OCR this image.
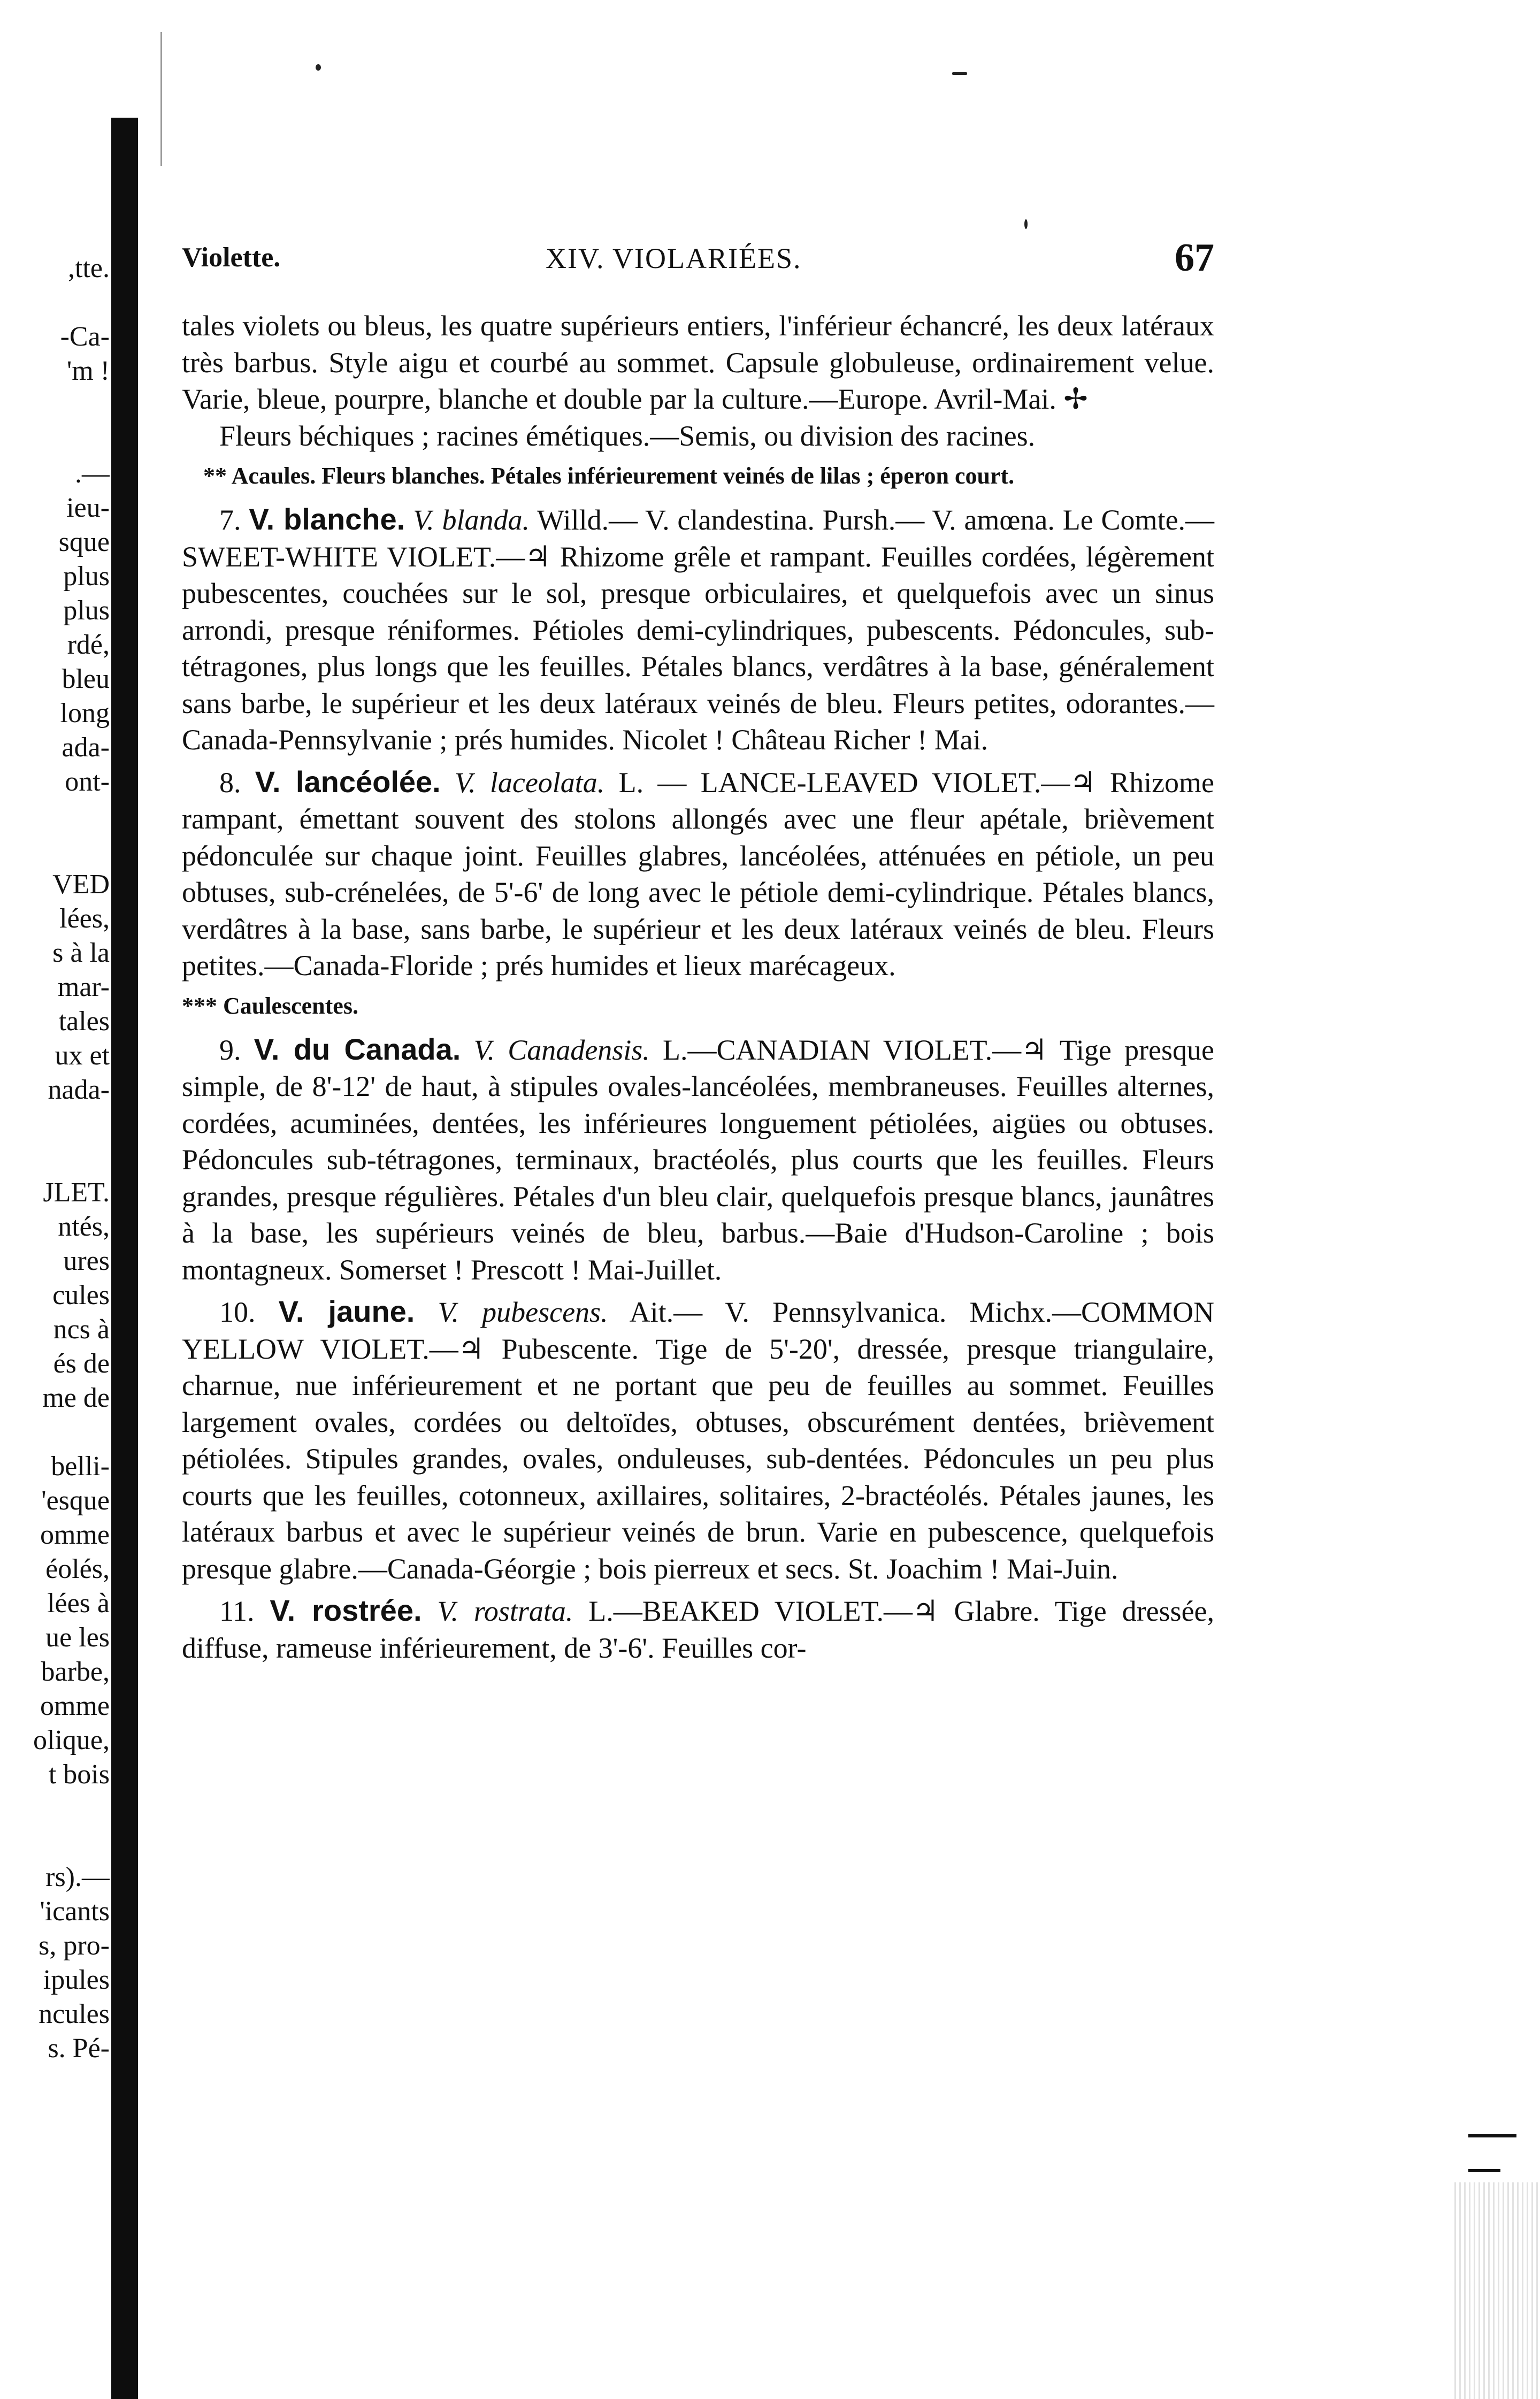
,tte.
-Ca-
'm !
.—
ieu-
sque
plus
plus
rdé,
bleu
long
ada-
ont-
VED
lées,
s à la
mar-
tales
ux et
nada-
JLET.
ntés,
ures
cules
ncs à
és de
me de
belli-
'esque
omme
éolés,
lées à
ue les
barbe,
omme
olique,
t bois
rs).—
'icants
s, pro-
ipules
ncules
s. Pé-
Violette.	XIV. VIOLARIÉES.	67

tales violets ou bleus, les quatre supérieurs entiers, l'inférieur échancré, les deux latéraux très barbus. Style aigu et courbé au sommet. Capsule globuleuse, ordinairement velue. Varie, bleue, pourpre, blanche et double par la culture.—Europe. Avril-Mai. ✢

Fleurs béchiques ; racines émétiques.—Semis, ou division des racines.

** Acaules. Fleurs blanches. Pétales inférieurement veinés de lilas ; éperon court.

7. V. blanche. V. blanda. Willd.— V. clandestina. Pursh.— V. amœna. Le Comte.—SWEET-WHITE VIOLET.—♃ Rhizome grêle et rampant. Feuilles cordées, légèrement pubescentes, couchées sur le sol, presque orbiculaires, et quelquefois avec un sinus arrondi, presque réniformes. Pétioles demi-cylindriques, pubescents. Pédoncules, sub-tétragones, plus longs que les feuilles. Pétales blancs, verdâtres à la base, généralement sans barbe, le supérieur et les deux latéraux veinés de bleu. Fleurs petites, odorantes.—Canada-Pennsylvanie ; prés humides. Nicolet ! Château Richer ! Mai.

8. V. lancéolée. V. laceolata. L. — LANCE-LEAVED VIOLET.—♃ Rhizome rampant, émettant souvent des stolons allongés avec une fleur apétale, brièvement pédonculée sur chaque joint. Feuilles glabres, lancéolées, atténuées en pétiole, un peu obtuses, sub-crénelées, de 5'-6' de long avec le pétiole demi-cylindrique. Pétales blancs, verdâtres à la base, sans barbe, le supérieur et les deux latéraux veinés de bleu. Fleurs petites.—Canada-Floride ; prés humides et lieux marécageux.

*** Caulescentes.

9. V. du Canada. V. Canadensis. L.—CANADIAN VIOLET.—♃ Tige presque simple, de 8'-12' de haut, à stipules ovales-lancéolées, membraneuses. Feuilles alternes, cordées, acuminées, dentées, les inférieures longuement pétiolées, aigües ou obtuses. Pédoncules sub-tétragones, terminaux, bractéolés, plus courts que les feuilles. Fleurs grandes, presque régulières. Pétales d'un bleu clair, quelquefois presque blancs, jaunâtres à la base, les supérieurs veinés de bleu, barbus.—Baie d'Hudson-Caroline ; bois montagneux. Somerset ! Prescott ! Mai-Juillet.

10. V. jaune. V. pubescens. Ait.— V. Pennsylvanica. Michx.—COMMON YELLOW VIOLET.—♃ Pubescente. Tige de 5'-20', dressée, presque triangulaire, charnue, nue inférieurement et ne portant que peu de feuilles au sommet. Feuilles largement ovales, cordées ou deltoïdes, obtuses, obscurément dentées, brièvement pétiolées. Stipules grandes, ovales, onduleuses, sub-dentées. Pédoncules un peu plus courts que les feuilles, cotonneux, axillaires, solitaires, 2-bractéolés. Pétales jaunes, les latéraux barbus et avec le supérieur veinés de brun. Varie en pubescence, quelquefois presque glabre.—Canada-Géorgie ; bois pierreux et secs. St. Joachim ! Mai-Juin.

11. V. rostrée. V. rostrata. L.—BEAKED VIOLET.—♃ Glabre. Tige dressée, diffuse, rameuse inférieurement, de 3'-6'. Feuilles cor-
